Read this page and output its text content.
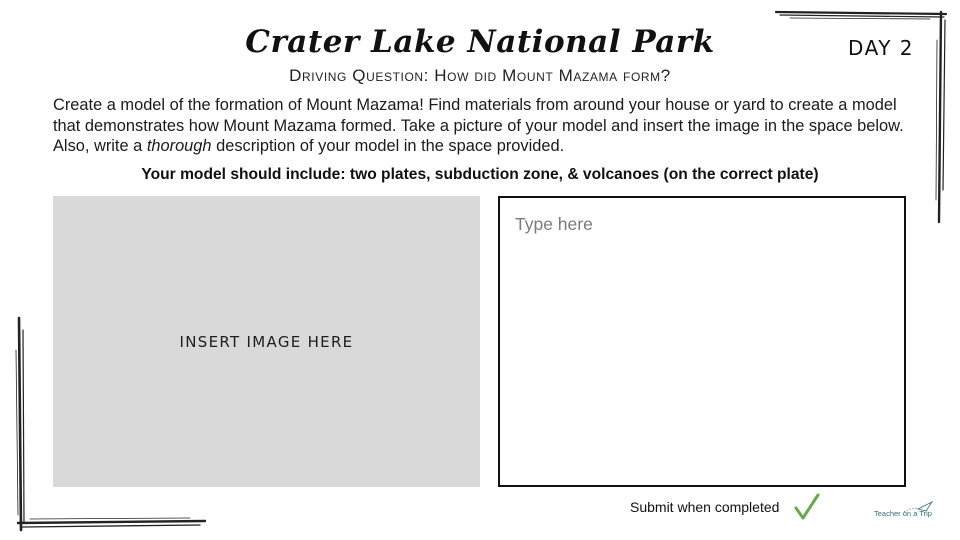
Crater Lake National Park	DAY 2
Driving Question: How did Mount Mazama form?
Create a model of the formation of Mount Mazama! Find materials from around your house or yard to create a model that demonstrates how Mount Mazama formed. Take a picture of your model and insert the image in the space below. Also, write a thorough description of your model in the space provided.
Your model should include: two plates, subduction zone, & volcanoes (on the correct plate)
INSERT IMAGE HERE
Type here
Submit when completed	Teacher on a Trip
